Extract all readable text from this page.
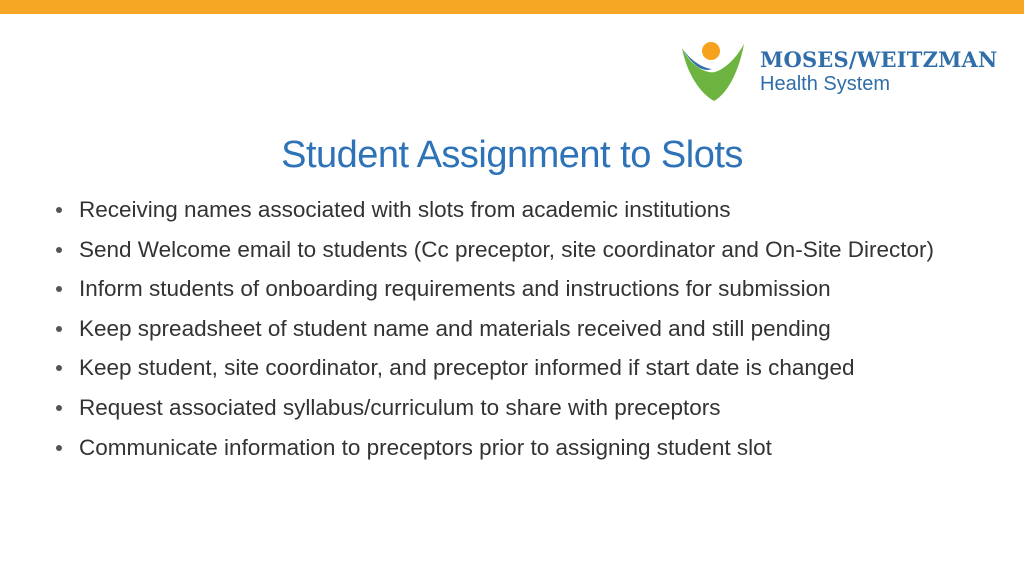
MOSES/WEITZMAN
Health System
Student Assignment to Slots
Receiving names associated with slots from academic institutions
Send Welcome email to students (Cc preceptor, site coordinator and On-Site Director)
Inform students of onboarding requirements and instructions for submission
Keep spreadsheet of student name and materials received and still pending
Keep student, site coordinator, and preceptor informed if start date is changed
Request associated syllabus/curriculum to share with preceptors
Communicate information to preceptors prior to assigning student slot
